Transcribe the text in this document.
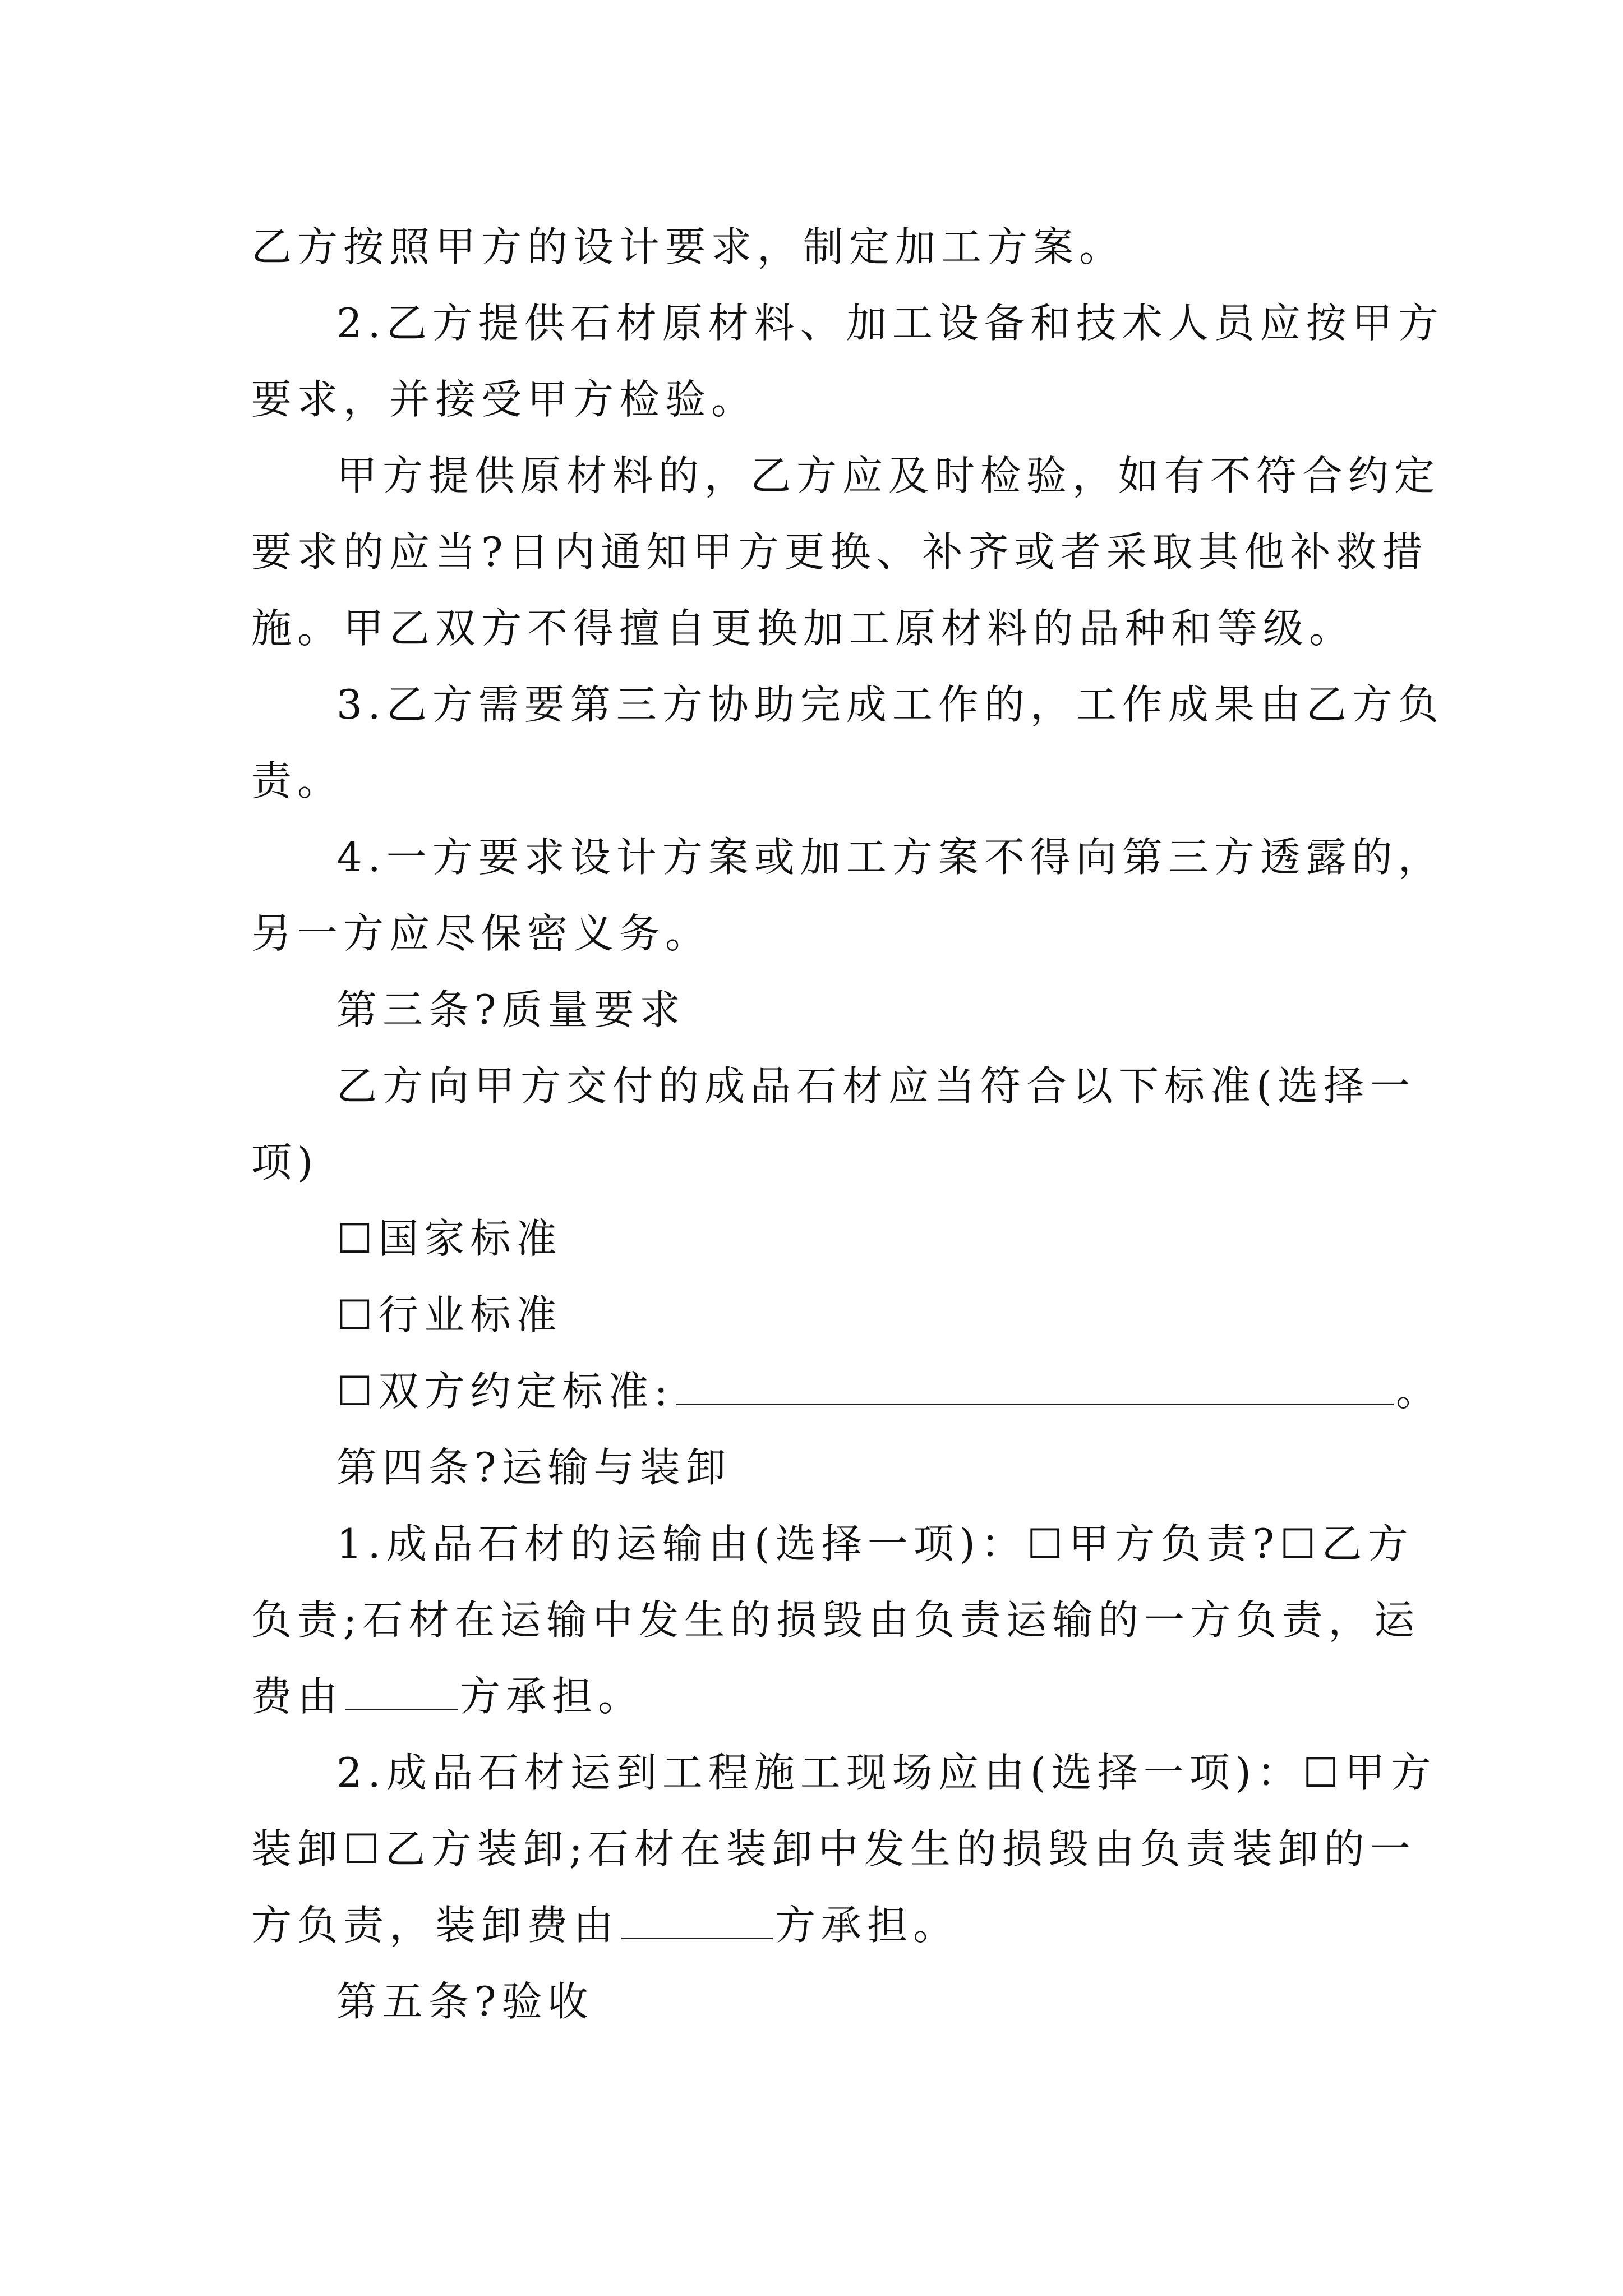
乙方按照甲方的设计要求，制定加工方案。
2.乙方提供石材原材料、加工设备和技术人员应按甲方
要求，并接受甲方检验。
甲方提供原材料的，乙方应及时检验，如有不符合约定
要求的应当?日内通知甲方更换、补齐或者采取其他补救措
施。甲乙双方不得擅自更换加工原材料的品种和等级。
3.乙方需要第三方协助完成工作的，工作成果由乙方负
责。
4.一方要求设计方案或加工方案不得向第三方透露的，
另一方应尽保密义务。
第三条?质量要求
乙方向甲方交付的成品石材应当符合以下标准(选择一
项)
☐国家标准
☐行业标准
☐双方约定标准:	。
第四条?运输与装卸
1.成品石材的运输由(选择一项)：☐甲方负责?☐乙方
负责;石材在运输中发生的损毁由负责运输的一方负责，运
费由	方承担。
2.成品石材运到工程施工现场应由(选择一项)：☐甲方
装卸☐乙方装卸;石材在装卸中发生的损毁由负责装卸的一
方负责，装卸费由	方承担。
第五条?验收
